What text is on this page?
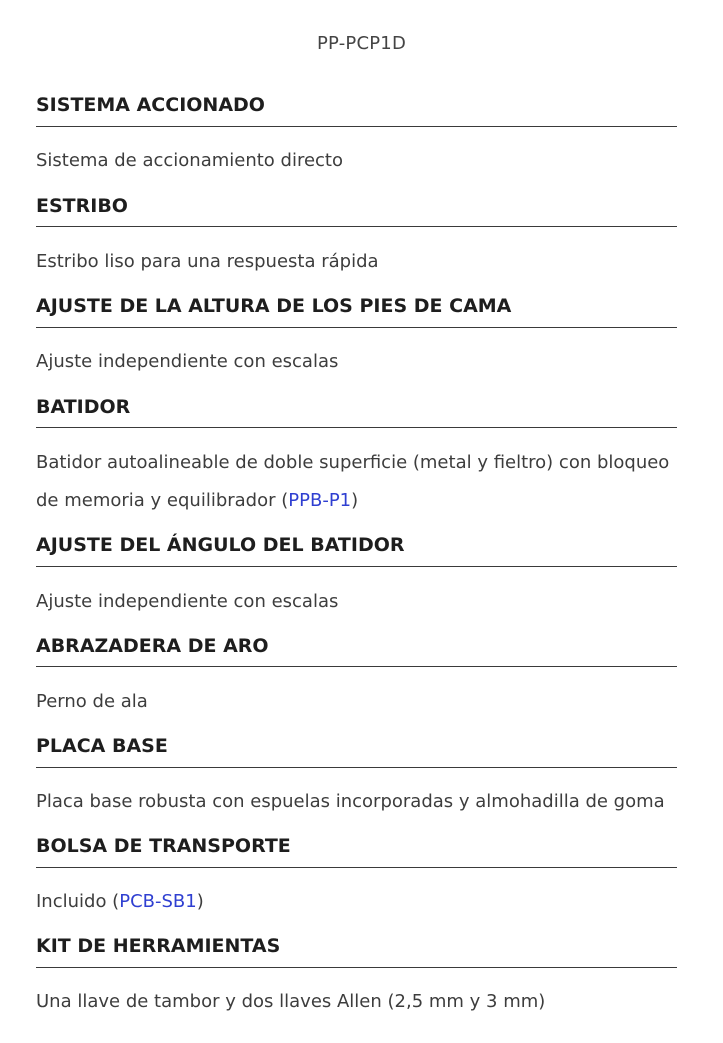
PP-PCP1D
SISTEMA ACCIONADO
Sistema de accionamiento directo
ESTRIBO
Estribo liso para una respuesta rápida
AJUSTE DE LA ALTURA DE LOS PIES DE CAMA
Ajuste independiente con escalas
BATIDOR
Batidor autoalineable de doble superficie (metal y fieltro) con bloqueo de memoria y equilibrador (PPB-P1)
AJUSTE DEL ÁNGULO DEL BATIDOR
Ajuste independiente con escalas
ABRAZADERA DE ARO
Perno de ala
PLACA BASE
Placa base robusta con espuelas incorporadas y almohadilla de goma
BOLSA DE TRANSPORTE
Incluido (PCB-SB1)
KIT DE HERRAMIENTAS
Una llave de tambor y dos llaves Allen (2,5 mm y 3 mm)
